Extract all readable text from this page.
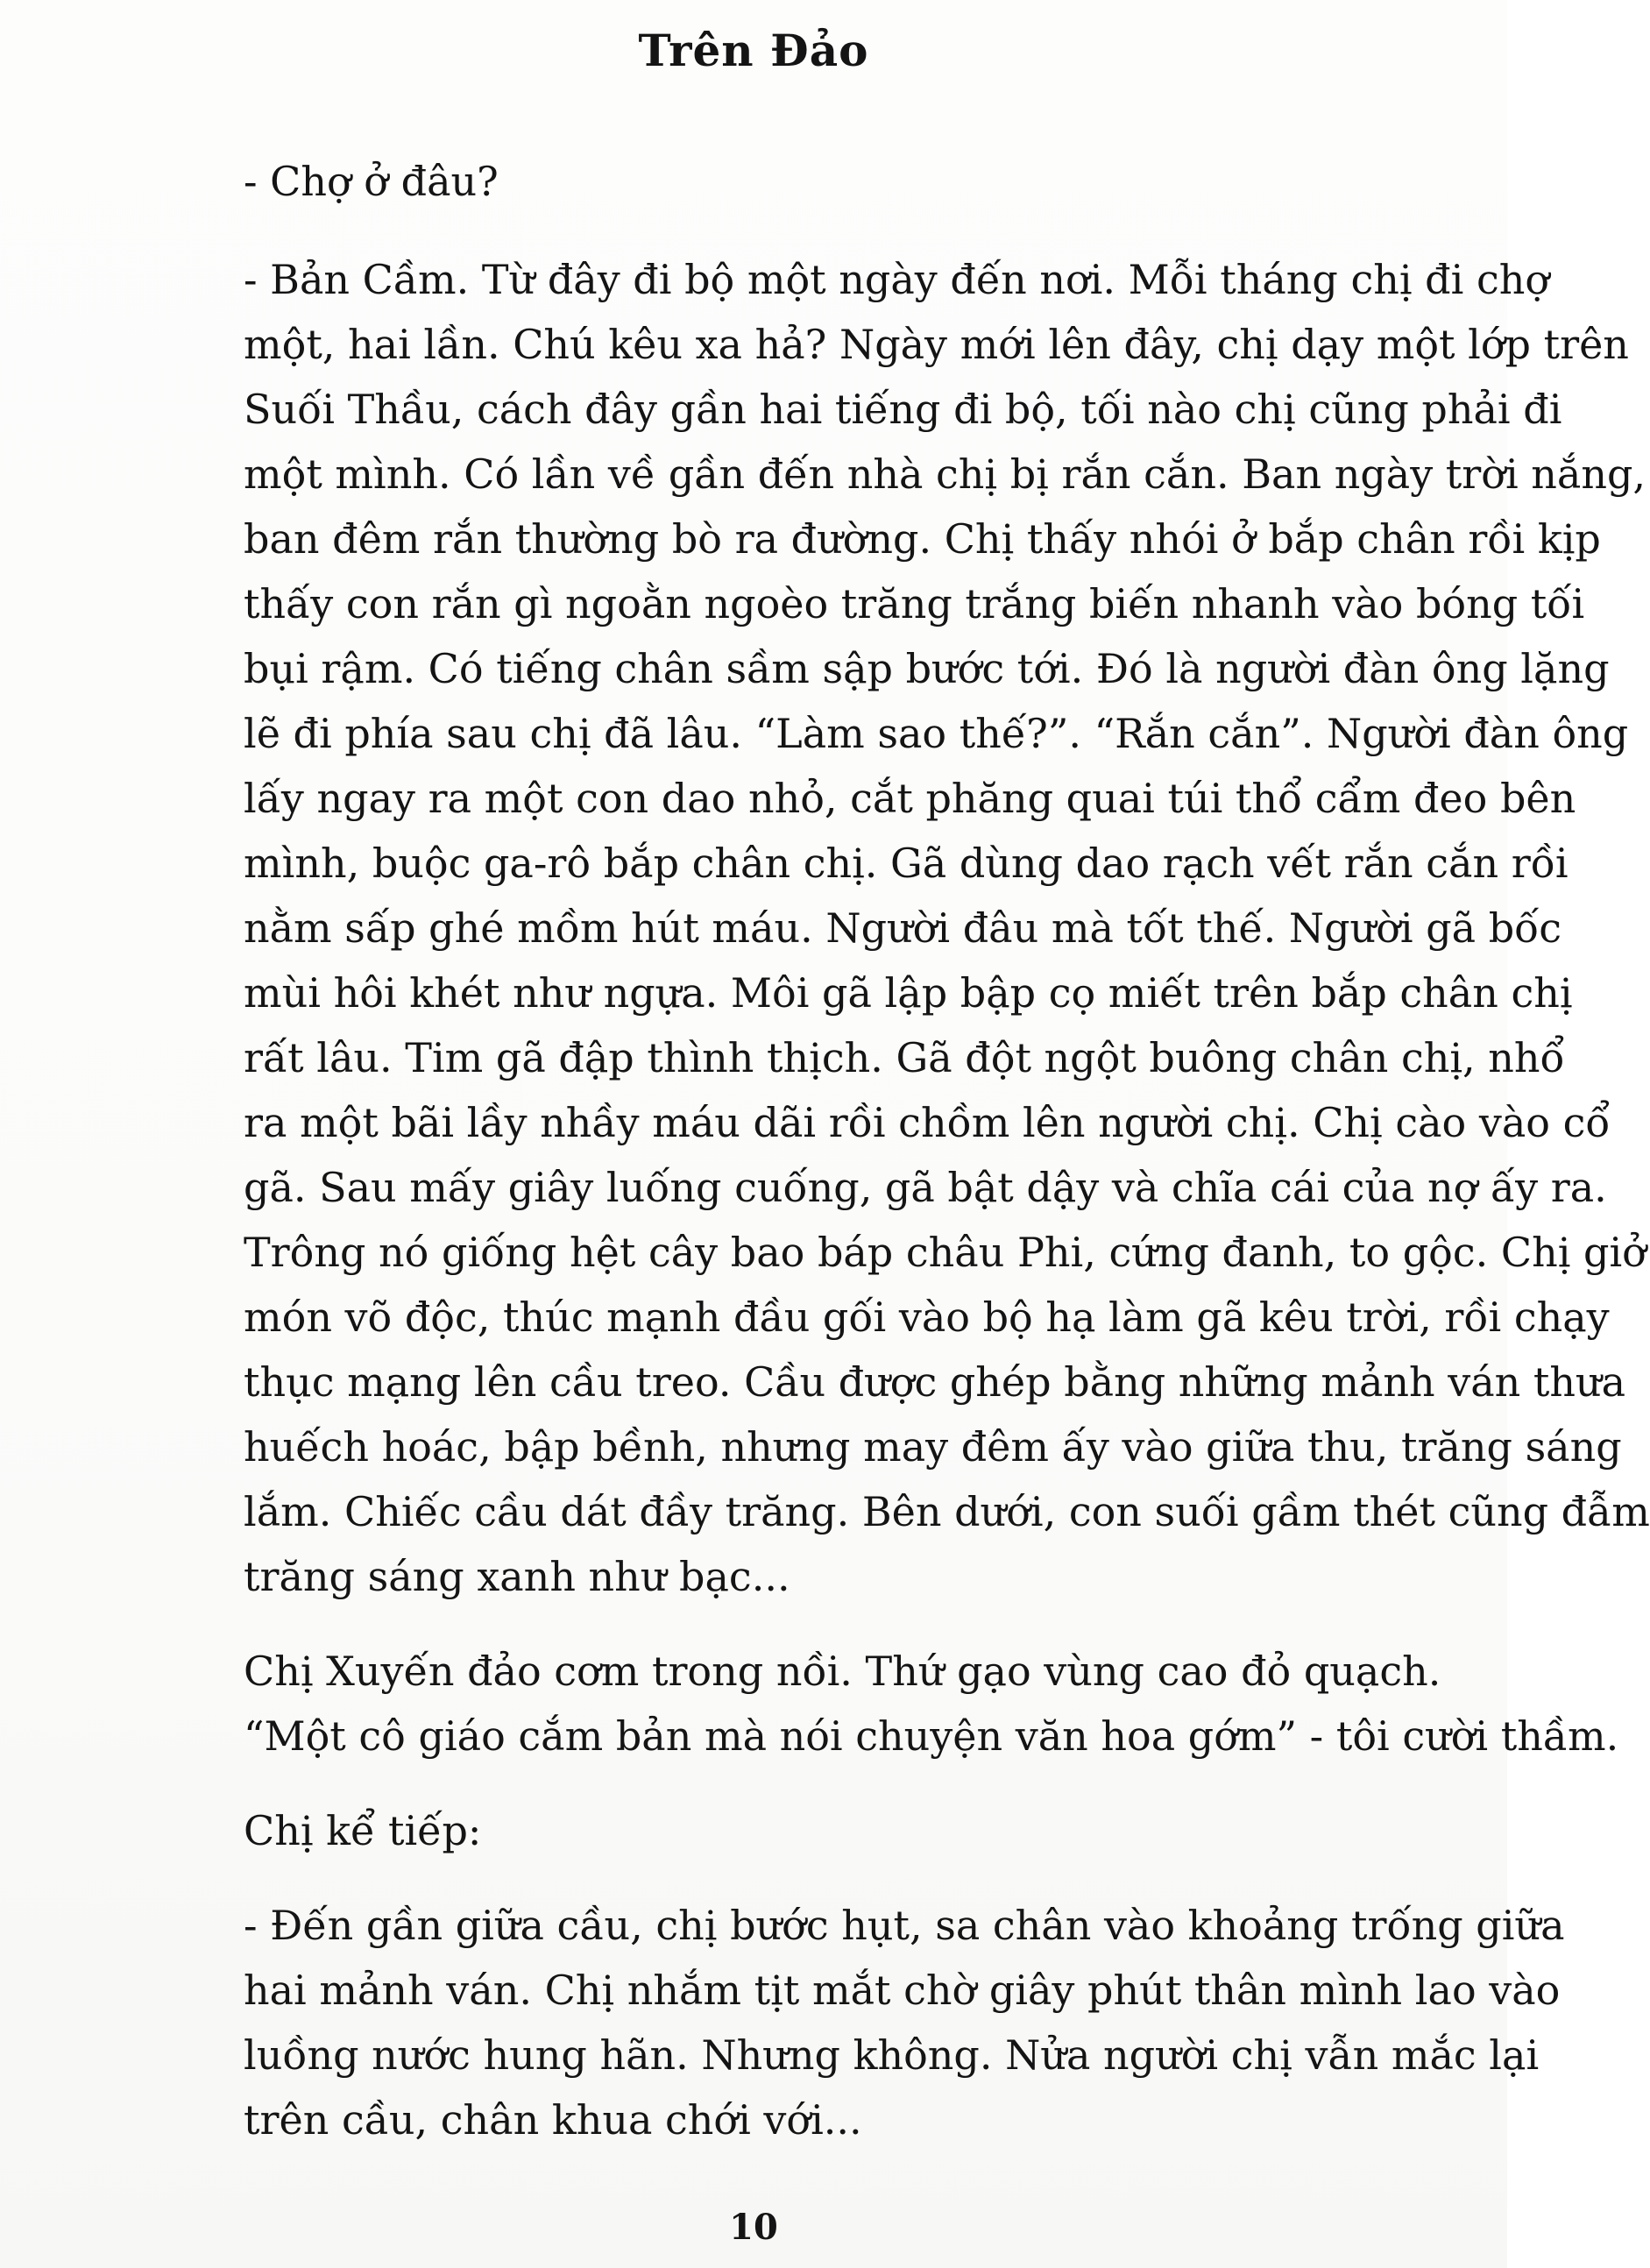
Trên Đảo

- Chợ ở đâu?

- Bản Cầm. Từ đây đi bộ một ngày đến nơi. Mỗi tháng chị đi chợ
một, hai lần. Chú kêu xa hả? Ngày mới lên đây, chị dạy một lớp trên
Suối Thầu, cách đây gần hai tiếng đi bộ, tối nào chị cũng phải đi
một mình. Có lần về gần đến nhà chị bị rắn cắn. Ban ngày trời nắng,
ban đêm rắn thường bò ra đường. Chị thấy nhói ở bắp chân rồi kịp
thấy con rắn gì ngoằn ngoèo trăng trắng biến nhanh vào bóng tối
bụi rậm. Có tiếng chân sầm sập bước tới. Đó là người đàn ông lặng
lẽ đi phía sau chị đã lâu. “Làm sao thế?”. “Rắn cắn”. Người đàn ông
lấy ngay ra một con dao nhỏ, cắt phăng quai túi thổ cẩm đeo bên
mình, buộc ga-rô bắp chân chị. Gã dùng dao rạch vết rắn cắn rồi
nằm sấp ghé mồm hút máu. Người đâu mà tốt thế. Người gã bốc
mùi hôi khét như ngựa. Môi gã lập bập cọ miết trên bắp chân chị
rất lâu. Tim gã đập thình thịch. Gã đột ngột buông chân chị, nhổ
ra một bãi lầy nhầy máu dãi rồi chồm lên người chị. Chị cào vào cổ
gã. Sau mấy giây luống cuống, gã bật dậy và chĩa cái của nợ ấy ra.
Trông nó giống hệt cây bao báp châu Phi, cứng đanh, to gộc. Chị giở
món võ độc, thúc mạnh đầu gối vào bộ hạ làm gã kêu trời, rồi chạy
thục mạng lên cầu treo. Cầu được ghép bằng những mảnh ván thưa
huếch hoác, bập bềnh, nhưng may đêm ấy vào giữa thu, trăng sáng
lắm. Chiếc cầu dát đầy trăng. Bên dưới, con suối gầm thét cũng đẫm
trăng sáng xanh như bạc...

Chị Xuyến đảo cơm trong nồi. Thứ gạo vùng cao đỏ quạch.
“Một cô giáo cắm bản mà nói chuyện văn hoa gớm” - tôi cười thầm.

Chị kể tiếp:

- Đến gần giữa cầu, chị bước hụt, sa chân vào khoảng trống giữa
hai mảnh ván. Chị nhắm tịt mắt chờ giây phút thân mình lao vào
luồng nước hung hãn. Nhưng không. Nửa người chị vẫn mắc lại
trên cầu, chân khua chới với...

10
